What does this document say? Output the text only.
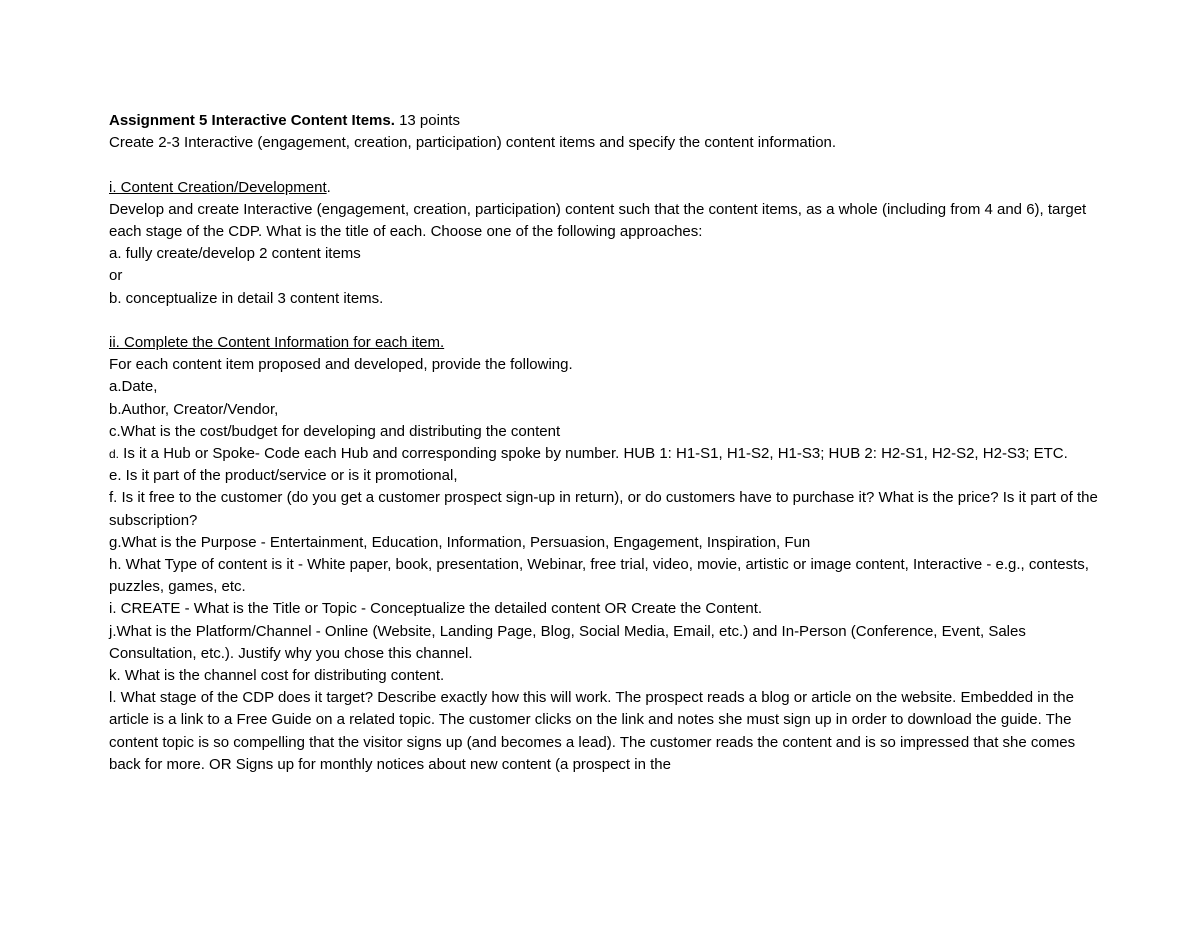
Assignment 5 Interactive Content Items. 13 points

Create 2-3 Interactive (engagement, creation, participation) content items and specify the content information.

i. Content Creation/Development.

Develop and create Interactive (engagement, creation, participation) content such that the content items, as a whole (including from 4 and 6), target each stage of the CDP. What is the title of each. Choose one of the following approaches:

a. fully create/develop 2 content items

or

b. conceptualize in detail 3 content items.

ii. Complete the Content Information for each item.

For each content item proposed and developed, provide the following.

a.Date,

b.Author, Creator/Vendor,

c.What is the cost/budget for developing and distributing the content

d. Is it a Hub or Spoke- Code each Hub and corresponding spoke by number. HUB 1: H1-S1, H1-S2, H1-S3; HUB 2: H2-S1, H2-S2, H2-S3; ETC.

e. Is it part of the product/service or is it promotional,

f. Is it free to the customer (do you get a customer prospect sign-up in return), or do customers have to purchase it? What is the price? Is it part of the subscription?

g.What is the Purpose - Entertainment, Education, Information, Persuasion, Engagement, Inspiration, Fun

h. What Type of content is it - White paper, book, presentation, Webinar, free trial, video, movie, artistic or image content, Interactive - e.g., contests, puzzles, games, etc.

i. CREATE - What is the Title or Topic - Conceptualize the detailed content OR Create the Content.

j.What is the Platform/Channel - Online (Website, Landing Page, Blog, Social Media, Email, etc.) and In-Person (Conference, Event, Sales Consultation, etc.). Justify why you chose this channel.

k. What is the channel cost for distributing content.

l. What stage of the CDP does it target? Describe exactly how this will work. The prospect reads a blog or article on the website. Embedded in the article is a link to a Free Guide on a related topic. The customer clicks on the link and notes she must sign up in order to download the guide. The content topic is so compelling that the visitor signs up (and becomes a lead). The customer reads the content and is so impressed that she comes back for more. OR Signs up for monthly notices about new content (a prospect in the
